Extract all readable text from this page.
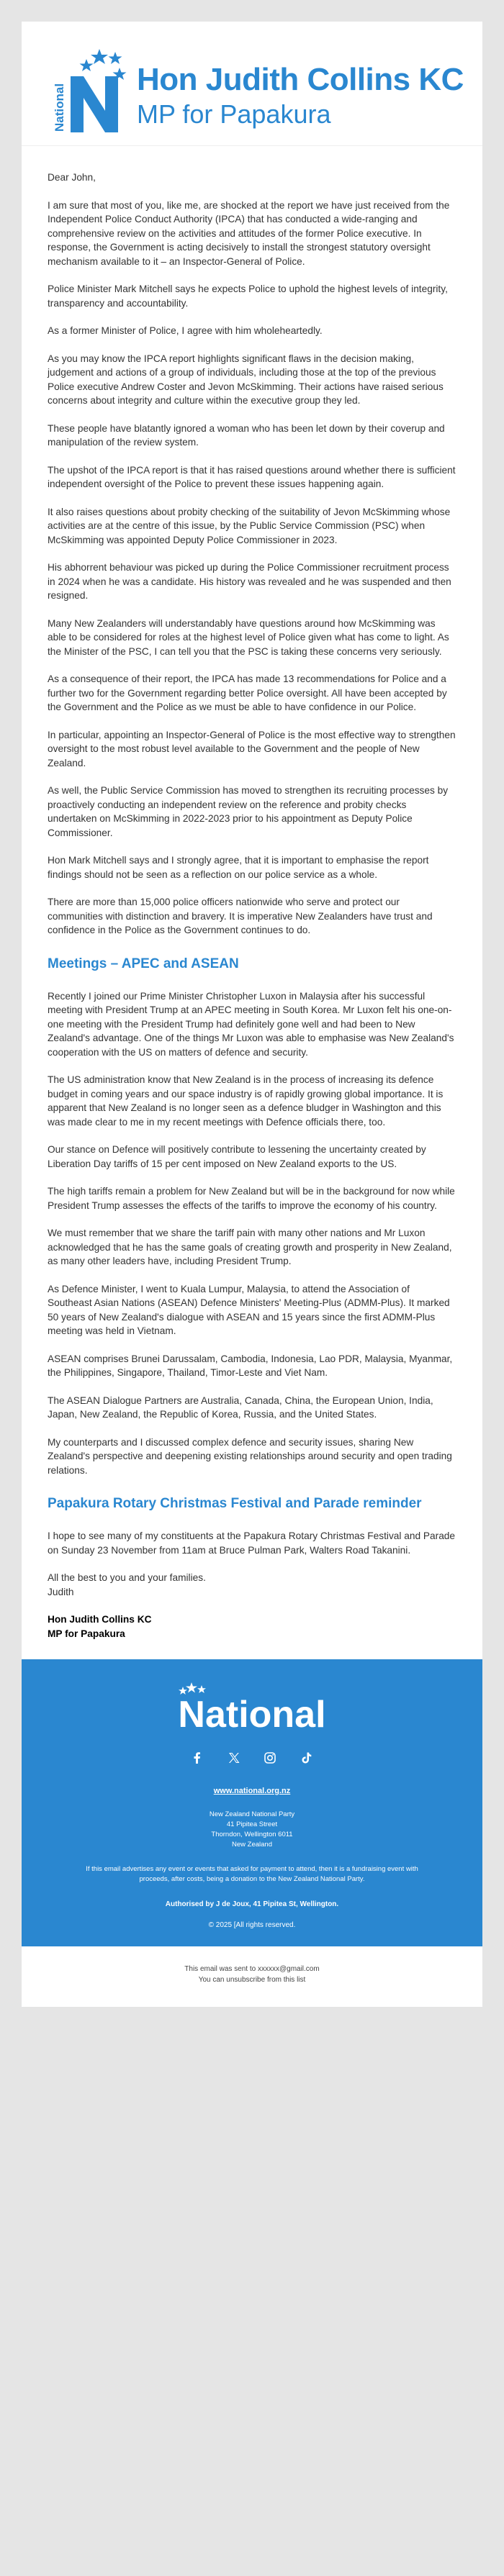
National
Hon Judith Collins KC
MP for Papakura

Dear John,

I am sure that most of you, like me, are shocked at the report we have just received from the Independent Police Conduct Authority (IPCA) that has conducted a wide-ranging and comprehensive review on the activities and attitudes of the former Police executive. In response, the Government is acting decisively to install the strongest statutory oversight mechanism available to it – an Inspector-General of Police.

Police Minister Mark Mitchell says he expects Police to uphold the highest levels of integrity, transparency and accountability.

As a former Minister of Police, I agree with him wholeheartedly.

As you may know the IPCA report highlights significant flaws in the decision making, judgement and actions of a group of individuals, including those at the top of the previous Police executive Andrew Coster and Jevon McSkimming. Their actions have raised serious concerns about integrity and culture within the executive group they led.

These people have blatantly ignored a woman who has been let down by their coverup and manipulation of the review system.

The upshot of the IPCA report is that it has raised questions around whether there is sufficient independent oversight of the Police to prevent these issues happening again.

It also raises questions about probity checking of the suitability of Jevon McSkimming whose activities are at the centre of this issue, by the Public Service Commission (PSC) when McSkimming was appointed Deputy Police Commissioner in 2023.

His abhorrent behaviour was picked up during the Police Commissioner recruitment process in 2024 when he was a candidate. His history was revealed and he was suspended and then resigned.

Many New Zealanders will understandably have questions around how McSkimming was able to be considered for roles at the highest level of Police given what has come to light. As the Minister of the PSC, I can tell you that the PSC is taking these concerns very seriously.

As a consequence of their report, the IPCA has made 13 recommendations for Police and a further two for the Government regarding better Police oversight. All have been accepted by the Government and the Police as we must be able to have confidence in our Police.

In particular, appointing an Inspector-General of Police is the most effective way to strengthen oversight to the most robust level available to the Government and the people of New Zealand.

As well, the Public Service Commission has moved to strengthen its recruiting processes by proactively conducting an independent review on the reference and probity checks undertaken on McSkimming in 2022-2023 prior to his appointment as Deputy Police Commissioner.

Hon Mark Mitchell says and I strongly agree, that it is important to emphasise the report findings should not be seen as a reflection on our police service as a whole.

There are more than 15,000 police officers nationwide who serve and protect our communities with distinction and bravery. It is imperative New Zealanders have trust and confidence in the Police as the Government continues to do.

Meetings – APEC and ASEAN

Recently I joined our Prime Minister Christopher Luxon in Malaysia after his successful meeting with President Trump at an APEC meeting in South Korea. Mr Luxon felt his one-on-one meeting with the President Trump had definitely gone well and had been to New Zealand's advantage. One of the things Mr Luxon was able to emphasise was New Zealand's cooperation with the US on matters of defence and security.

The US administration know that New Zealand is in the process of increasing its defence budget in coming years and our space industry is of rapidly growing global importance. It is apparent that New Zealand is no longer seen as a defence bludger in Washington and this was made clear to me in my recent meetings with Defence officials there, too.

Our stance on Defence will positively contribute to lessening the uncertainty created by Liberation Day tariffs of 15 per cent imposed on New Zealand exports to the US.

The high tariffs remain a problem for New Zealand but will be in the background for now while President Trump assesses the effects of the tariffs to improve the economy of his country.

We must remember that we share the tariff pain with many other nations and Mr Luxon acknowledged that he has the same goals of creating growth and prosperity in New Zealand, as many other leaders have, including President Trump.

As Defence Minister, I went to Kuala Lumpur, Malaysia, to attend the Association of Southeast Asian Nations (ASEAN) Defence Ministers' Meeting-Plus (ADMM-Plus). It marked 50 years of New Zealand's dialogue with ASEAN and 15 years since the first ADMM-Plus meeting was held in Vietnam.

ASEAN comprises Brunei Darussalam, Cambodia, Indonesia, Lao PDR, Malaysia, Myanmar, the Philippines, Singapore, Thailand, Timor-Leste and Viet Nam.

The ASEAN Dialogue Partners are Australia, Canada, China, the European Union, India, Japan, New Zealand, the Republic of Korea, Russia, and the United States.

My counterparts and I discussed complex defence and security issues, sharing New Zealand's perspective and deepening existing relationships around security and open trading relations.

Papakura Rotary Christmas Festival and Parade reminder

I hope to see many of my constituents at the Papakura Rotary Christmas Festival and Parade on Sunday 23 November from 11am at Bruce Pulman Park, Walters Road Takanini.

All the best to you and your families.

Judith

Hon Judith Collins KC

MP for Papakura

National

www.national.org.nz

New Zealand National Party

41 Pipitea Street

Thorndon, Wellington 6011

New Zealand

If this email advertises any event or events that asked for payment to attend, then it is a fundraising event with proceeds, after costs, being a donation to the New Zealand National Party.

Authorised by J de Joux, 41 Pipitea St, Wellington.
© 2025 [All rights reserved.
This email was sent to xxxxxx@gmail.com
You can unsubscribe from this list
